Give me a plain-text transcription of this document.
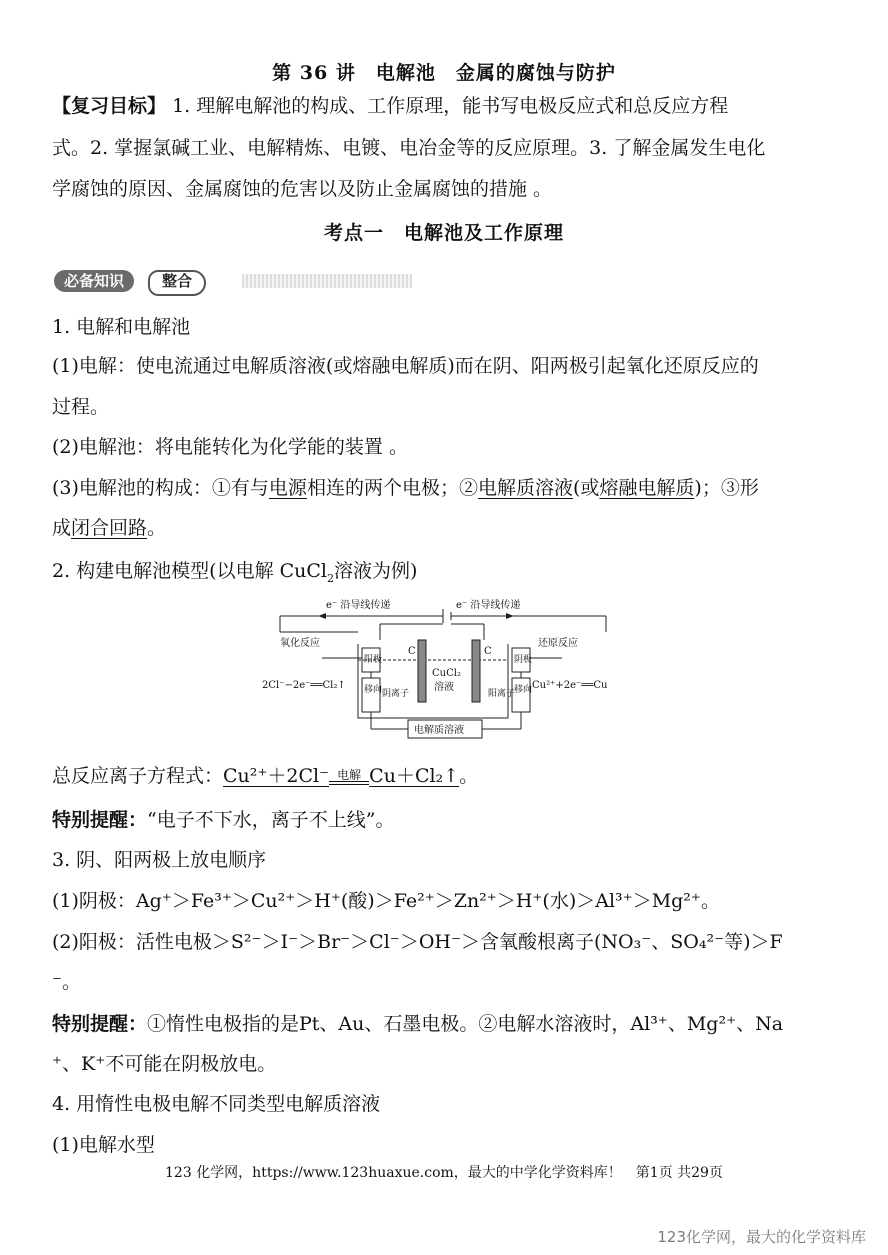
第 36 讲　电解池　金属的腐蚀与防护
【复习目标】 1. 理解电解池的构成、工作原理，能书写电极反应式和总反应方程
式。2. 掌握氯碱工业、电解精炼、电镀、电冶金等的反应原理。3. 了解金属发生电化
学腐蚀的原因、金属腐蚀的危害以及防止金属腐蚀的措施 。
考点一　电解池及工作原理
必备知识	整合
1. 电解和电解池
(1)电解：使电流通过电解质溶液(或熔融电解质)而在阴、阳两极引起氧化还原反应的
过程。
(2)电解池：将电能转化为化学能的装置 。
(3)电解池的构成：①有与电源相连的两个电极；②电解质溶液(或熔融电解质)；③形
成闭合回路。
2. 构建电解池模型(以电解 CuCl$_2$溶液为例)
e⁻ 沿导线传递	e⁻ 沿导线传递
氧化反应	还原反应
阳极	阴极
2Cl⁻−2e⁻══Cl₂↑	Cu²⁺+2e⁻══Cu
C	C
CuCl₂
溶液
移向 阴离子	移向
阳离子
电解质溶液
总反应离子方程式：Cu²⁺＋2Cl⁻ 电解 Cu＋Cl₂↑。
特别提醒：“电子不下水，离子不上线”。
3. 阴、阳两极上放电顺序
(1)阴极：Ag⁺＞Fe³⁺＞Cu²⁺＞H⁺(酸)＞Fe²⁺＞Zn²⁺＞H⁺(水)＞Al³⁺＞Mg²⁺。
(2)阳极：活性电极＞S²⁻＞I⁻＞Br⁻＞Cl⁻＞OH⁻＞含氧酸根离子(NO₃⁻、SO₄²⁻等)＞F
⁻。
特别提醒：①惰性电极指的是Pt、Au、石墨电极。②电解水溶液时，Al³⁺、Mg²⁺、Na
⁺、K⁺不可能在阴极放电。
4. 用惰性电极电解不同类型电解质溶液
(1)电解水型
123 化学网，https://www.123huaxue.com，最大的中学化学资料库！　第1页 共29页
123化学网，最大的化学资料库
